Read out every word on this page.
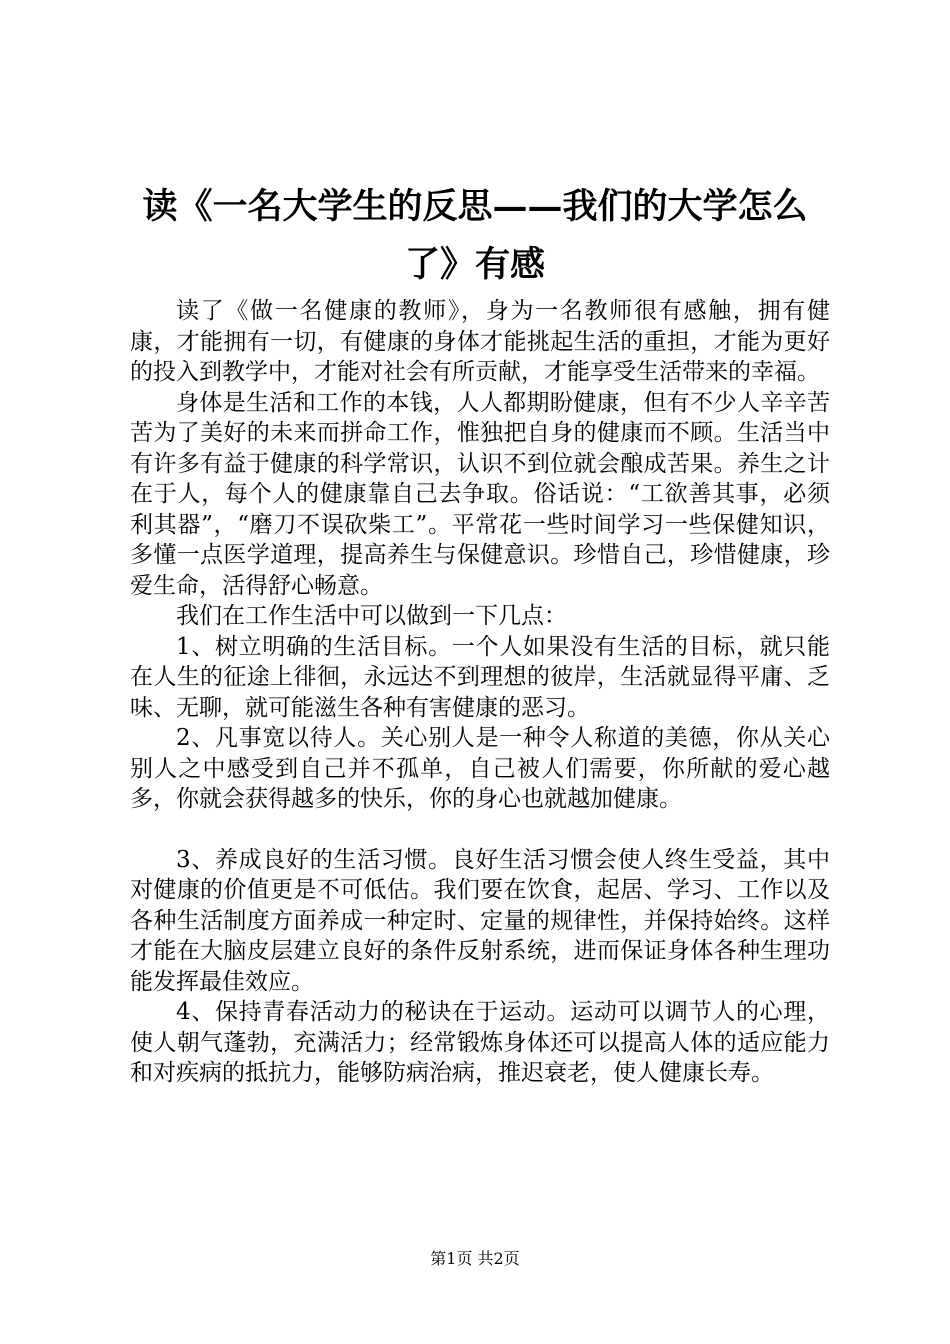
读《一名大学生的反思——我们的大学怎么了》有感

读了《做一名健康的教师》，身为一名教师很有感触，拥有健康，才能拥有一切，有健康的身体才能挑起生活的重担，才能为更好的投入到教学中，才能对社会有所贡献，才能享受生活带来的幸福。

身体是生活和工作的本钱，人人都期盼健康，但有不少人辛辛苦苦为了美好的未来而拼命工作，惟独把自身的健康而不顾。生活当中有许多有益于健康的科学常识，认识不到位就会酿成苦果。养生之计在于人，每个人的健康靠自己去争取。俗话说：“工欲善其事，必须利其器”，“磨刀不误砍柴工”。平常花一些时间学习一些保健知识，多懂一点医学道理，提高养生与保健意识。珍惜自己，珍惜健康，珍爱生命，活得舒心畅意。

我们在工作生活中可以做到一下几点：

1、树立明确的生活目标。一个人如果没有生活的目标，就只能在人生的征途上徘徊，永远达不到理想的彼岸，生活就显得平庸、乏味、无聊，就可能滋生各种有害健康的恶习。

2、凡事宽以待人。关心别人是一种令人称道的美德，你从关心别人之中感受到自己并不孤单，自己被人们需要，你所献的爱心越多，你就会获得越多的快乐，你的身心也就越加健康。

3、养成良好的生活习惯。良好生活习惯会使人终生受益，其中对健康的价值更是不可低估。我们要在饮食，起居、学习、工作以及各种生活制度方面养成一种定时、定量的规律性，并保持始终。这样才能在大脑皮层建立良好的条件反射系统，进而保证身体各种生理功能发挥最佳效应。

4、保持青春活动力的秘诀在于运动。运动可以调节人的心理，使人朝气蓬勃，充满活力；经常锻炼身体还可以提高人体的适应能力和对疾病的抵抗力，能够防病治病，推迟衰老，使人健康长寿。

第1页 共2页
